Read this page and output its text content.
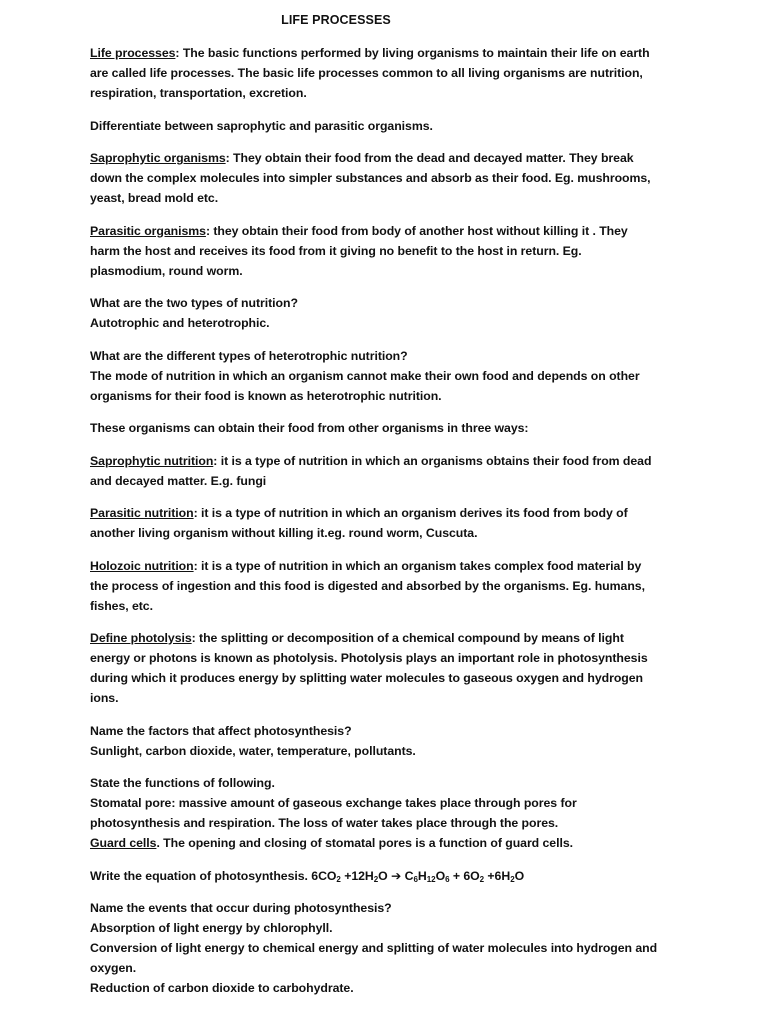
LIFE PROCESSES
Life processes: The basic functions performed by living organisms to maintain their life on earth are called life processes. The basic life processes common to all living organisms are nutrition, respiration, transportation, excretion.
Differentiate between saprophytic and parasitic organisms.
Saprophytic organisms: They obtain their food from the dead and decayed matter. They break down the complex molecules into simpler substances and absorb as their food. Eg. mushrooms, yeast, bread mold etc.
Parasitic organisms: they obtain their food from body of another host without killing it . They harm the host and receives its food from it giving no benefit to the host in return. Eg. plasmodium, round worm.
What are the two types of nutrition?
Autotrophic and heterotrophic.
What are the different types of heterotrophic nutrition?
The mode of nutrition in which an organism cannot make their own food and depends on other organisms for their food is known as heterotrophic nutrition.
These organisms can obtain their food from other organisms in three ways:
Saprophytic nutrition: it is a type of nutrition in which an organisms obtains their food from dead and decayed matter. E.g. fungi
Parasitic nutrition: it is a type of nutrition in which an organism derives its food from body of another living organism without killing it.eg. round worm, Cuscuta.
Holozoic nutrition: it is a type of nutrition in which an organism takes complex food material by the process of ingestion and this food is digested and absorbed by the organisms. Eg. humans, fishes, etc.
Define photolysis: the splitting or decomposition of a chemical compound by means of light energy or photons is known as photolysis. Photolysis plays an important role in photosynthesis during which it produces energy by splitting water molecules to gaseous oxygen and hydrogen ions.
Name the factors that affect photosynthesis?
Sunlight, carbon dioxide, water, temperature, pollutants.
State the functions of following.
Stomatal pore: massive amount of gaseous exchange takes place through pores for photosynthesis and respiration. The loss of water takes place through the pores.
Guard cells. The opening and closing of stomatal pores is a function of guard cells.
Write the equation of photosynthesis. $6CO_2 +12H_2O$ ➔ $C_6H_{12}O_6 + 6O_2 +6H_2O$
Name the events that occur during photosynthesis?
Absorption of light energy by chlorophyll.
Conversion of light energy to chemical energy and splitting of water molecules into hydrogen and oxygen.
Reduction of carbon dioxide to carbohydrate.
